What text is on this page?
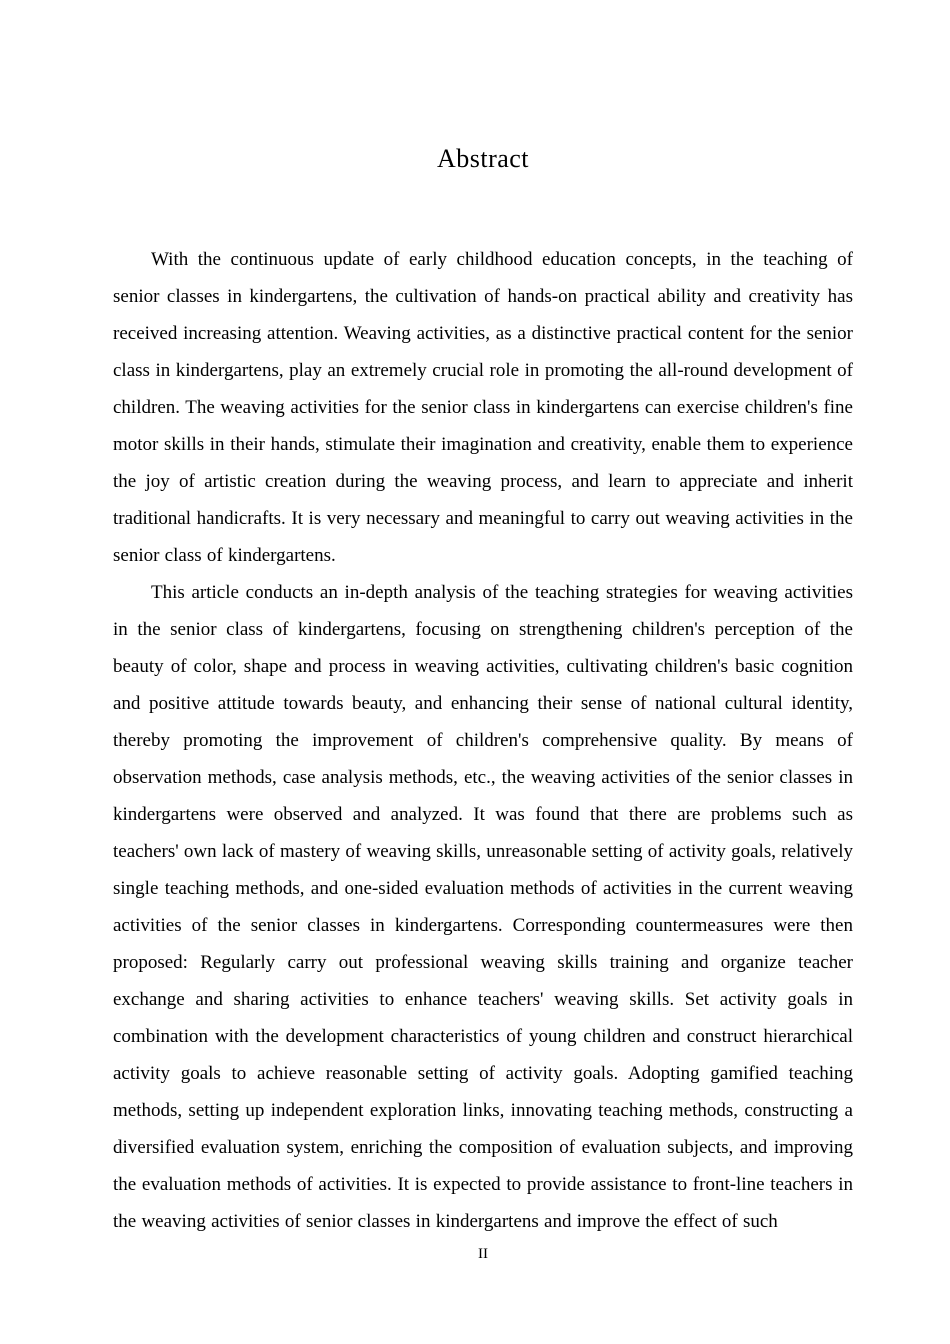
Abstract

With the continuous update of early childhood education concepts, in the teaching of senior classes in kindergartens, the cultivation of hands-on practical ability and creativity has received increasing attention. Weaving activities, as a distinctive practical content for the senior class in kindergartens, play an extremely crucial role in promoting the all-round development of children. The weaving activities for the senior class in kindergartens can exercise children's fine motor skills in their hands, stimulate their imagination and creativity, enable them to experience the joy of artistic creation during the weaving process, and learn to appreciate and inherit traditional handicrafts. It is very necessary and meaningful to carry out weaving activities in the senior class of kindergartens.

This article conducts an in-depth analysis of the teaching strategies for weaving activities in the senior class of kindergartens, focusing on strengthening children's perception of the beauty of color, shape and process in weaving activities, cultivating children's basic cognition and positive attitude towards beauty, and enhancing their sense of national cultural identity, thereby promoting the improvement of children's comprehensive quality. By means of observation methods, case analysis methods, etc., the weaving activities of the senior classes in kindergartens were observed and analyzed. It was found that there are problems such as teachers' own lack of mastery of weaving skills, unreasonable setting of activity goals, relatively single teaching methods, and one-sided evaluation methods of activities in the current weaving activities of the senior classes in kindergartens. Corresponding countermeasures were then proposed: Regularly carry out professional weaving skills training and organize teacher exchange and sharing activities to enhance teachers' weaving skills. Set activity goals in combination with the development characteristics of young children and construct hierarchical activity goals to achieve reasonable setting of activity goals. Adopting gamified teaching methods, setting up independent exploration links, innovating teaching methods, constructing a diversified evaluation system, enriching the composition of evaluation subjects, and improving the evaluation methods of activities. It is expected to provide assistance to front-line teachers in the weaving activities of senior classes in kindergartens and improve the effect of such

II
